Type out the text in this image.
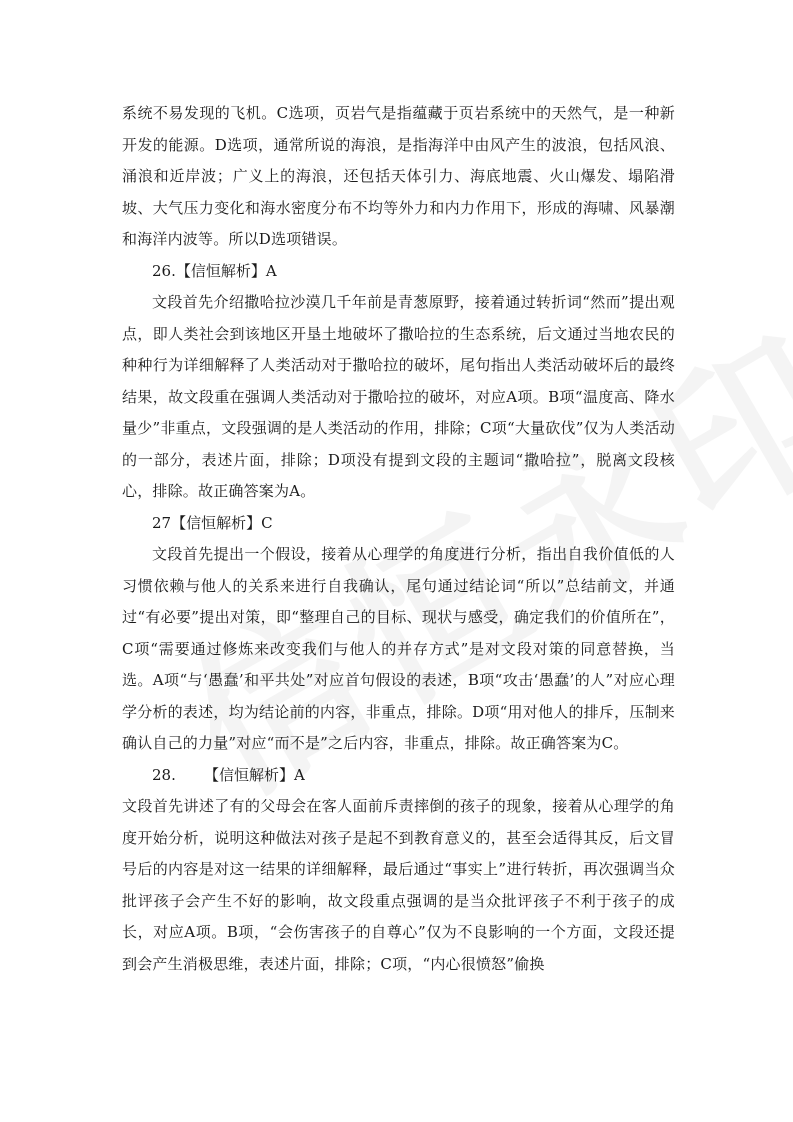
系统不易发现的飞机。C选项，页岩气是指蕴藏于页岩系统中的天然气，是一种新开发的能源。D选项，通常所说的海浪，是指海洋中由风产生的波浪，包括风浪、涌浪和近岸波；广义上的海浪，还包括天体引力、海底地震、火山爆发、塌陷滑坡、大气压力变化和海水密度分布不均等外力和内力作用下，形成的海啸、风暴潮和海洋内波等。所以D选项错误。

26.【信恒解析】A

文段首先介绍撒哈拉沙漠几千年前是青葱原野，接着通过转折词“然而”提出观点，即人类社会到该地区开垦土地破坏了撒哈拉的生态系统，后文通过当地农民的种种行为详细解释了人类活动对于撒哈拉的破坏，尾句指出人类活动破坏后的最终结果，故文段重在强调人类活动对于撒哈拉的破坏，对应A项。B项“温度高、降水量少”非重点，文段强调的是人类活动的作用，排除；C项“大量砍伐”仅为人类活动的一部分，表述片面，排除；D项没有提到文段的主题词“撒哈拉”，脱离文段核心，排除。故正确答案为A。

27【信恒解析】C

文段首先提出一个假设，接着从心理学的角度进行分析，指出自我价值低的人习惯依赖与他人的关系来进行自我确认，尾句通过结论词“所以”总结前文，并通过“有必要”提出对策，即“整理自己的目标、现状与感受，确定我们的价值所在”，C项“需要通过修炼来改变我们与他人的并存方式”是对文段对策的同意替换，当选。A项“与‘愚蠢’和平共处”对应首句假设的表述，B项“攻击‘愚蠢’的人”对应心理学分析的表述，均为结论前的内容，非重点，排除。D项“用对他人的排斥，压制来确认自己的力量”对应“而不是”之后内容，非重点，排除。故正确答案为C。

28. 【信恒解析】A

文段首先讲述了有的父母会在客人面前斥责摔倒的孩子的现象，接着从心理学的角度开始分析，说明这种做法对孩子是起不到教育意义的，甚至会适得其反，后文冒号后的内容是对这一结果的详细解释，最后通过“事实上”进行转折，再次强调当众批评孩子会产生不好的影响，故文段重点强调的是当众批评孩子不利于孩子的成长，对应A项。B项，“会伤害孩子的自尊心”仅为不良影响的一个方面，文段还提到会产生消极思维，表述片面，排除；C项，“内心很愤怒”偷换
